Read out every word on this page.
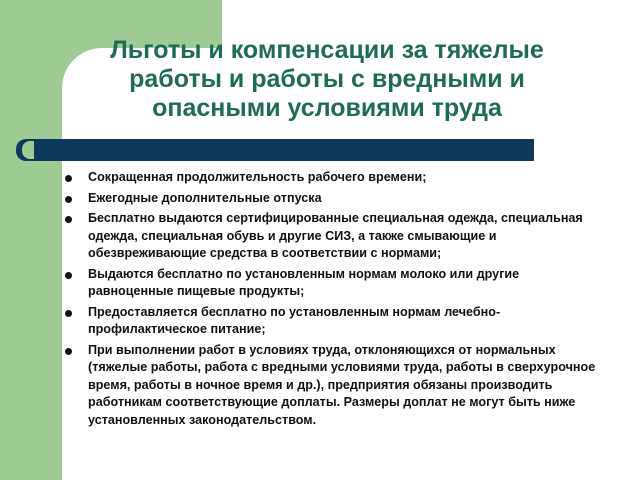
Льготы и компенсации за тяжелые работы и работы с вредными и опасными условиями труда
Сокращенная продолжительность рабочего времени;
Ежегодные дополнительные отпуска
Бесплатно выдаются сертифицированные специальная одежда, специальная одежда, специальная обувь и другие СИЗ, а также смывающие и обезвреживающие средства в соответствии с нормами;
Выдаются бесплатно по установленным нормам молоко или другие равноценные пищевые продукты;
Предоставляется бесплатно по установленным нормам лечебно-профилактическое питание;
При выполнении работ в условиях труда, отклоняющихся от нормальных (тяжелые работы, работа с вредными условиями труда, работы в сверхурочное время, работы в ночное время и др.), предприятия обязаны производить работникам соответствующие доплаты. Размеры доплат не могут быть ниже установленных законодательством.
